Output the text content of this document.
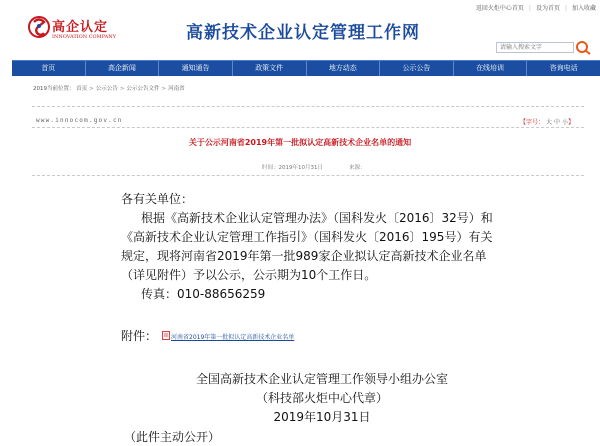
返回火炬中心首页 | 设为首页 | 加入收藏
高企认定
INNOVATION COMPANY	高新技术企业认定管理工作网
请输入搜索文字
首页	高企新闻	通知通告	政策文件	地方动态	公示公告	在线培训	咨询电话
2019当前位置： 首页 > 公示公告 > 公示公告文件 > 河南省
www.innocom.gov.cn	【字号： 大 中 小】
关于公示河南省2019年第一批拟认定高新技术企业名单的通知
时间：2019年10月31日	来源：

各有关单位：

根据《高新技术企业认定管理办法》（国科发火〔2016〕32号）和《高新技术企业认定管理工作指引》（国科发火〔2016〕195号）有关规定，现将河南省2019年第一批989家企业拟认定高新技术企业名单（详见附件）予以公示，公示期为10个工作日。

传真：010-88656259

附件： 河南省2019年第一批拟认定高新技术企业名单
全国高新技术企业认定管理工作领导小组办公室
（科技部火炬中心代章）
2019年10月31日
（此件主动公开）
